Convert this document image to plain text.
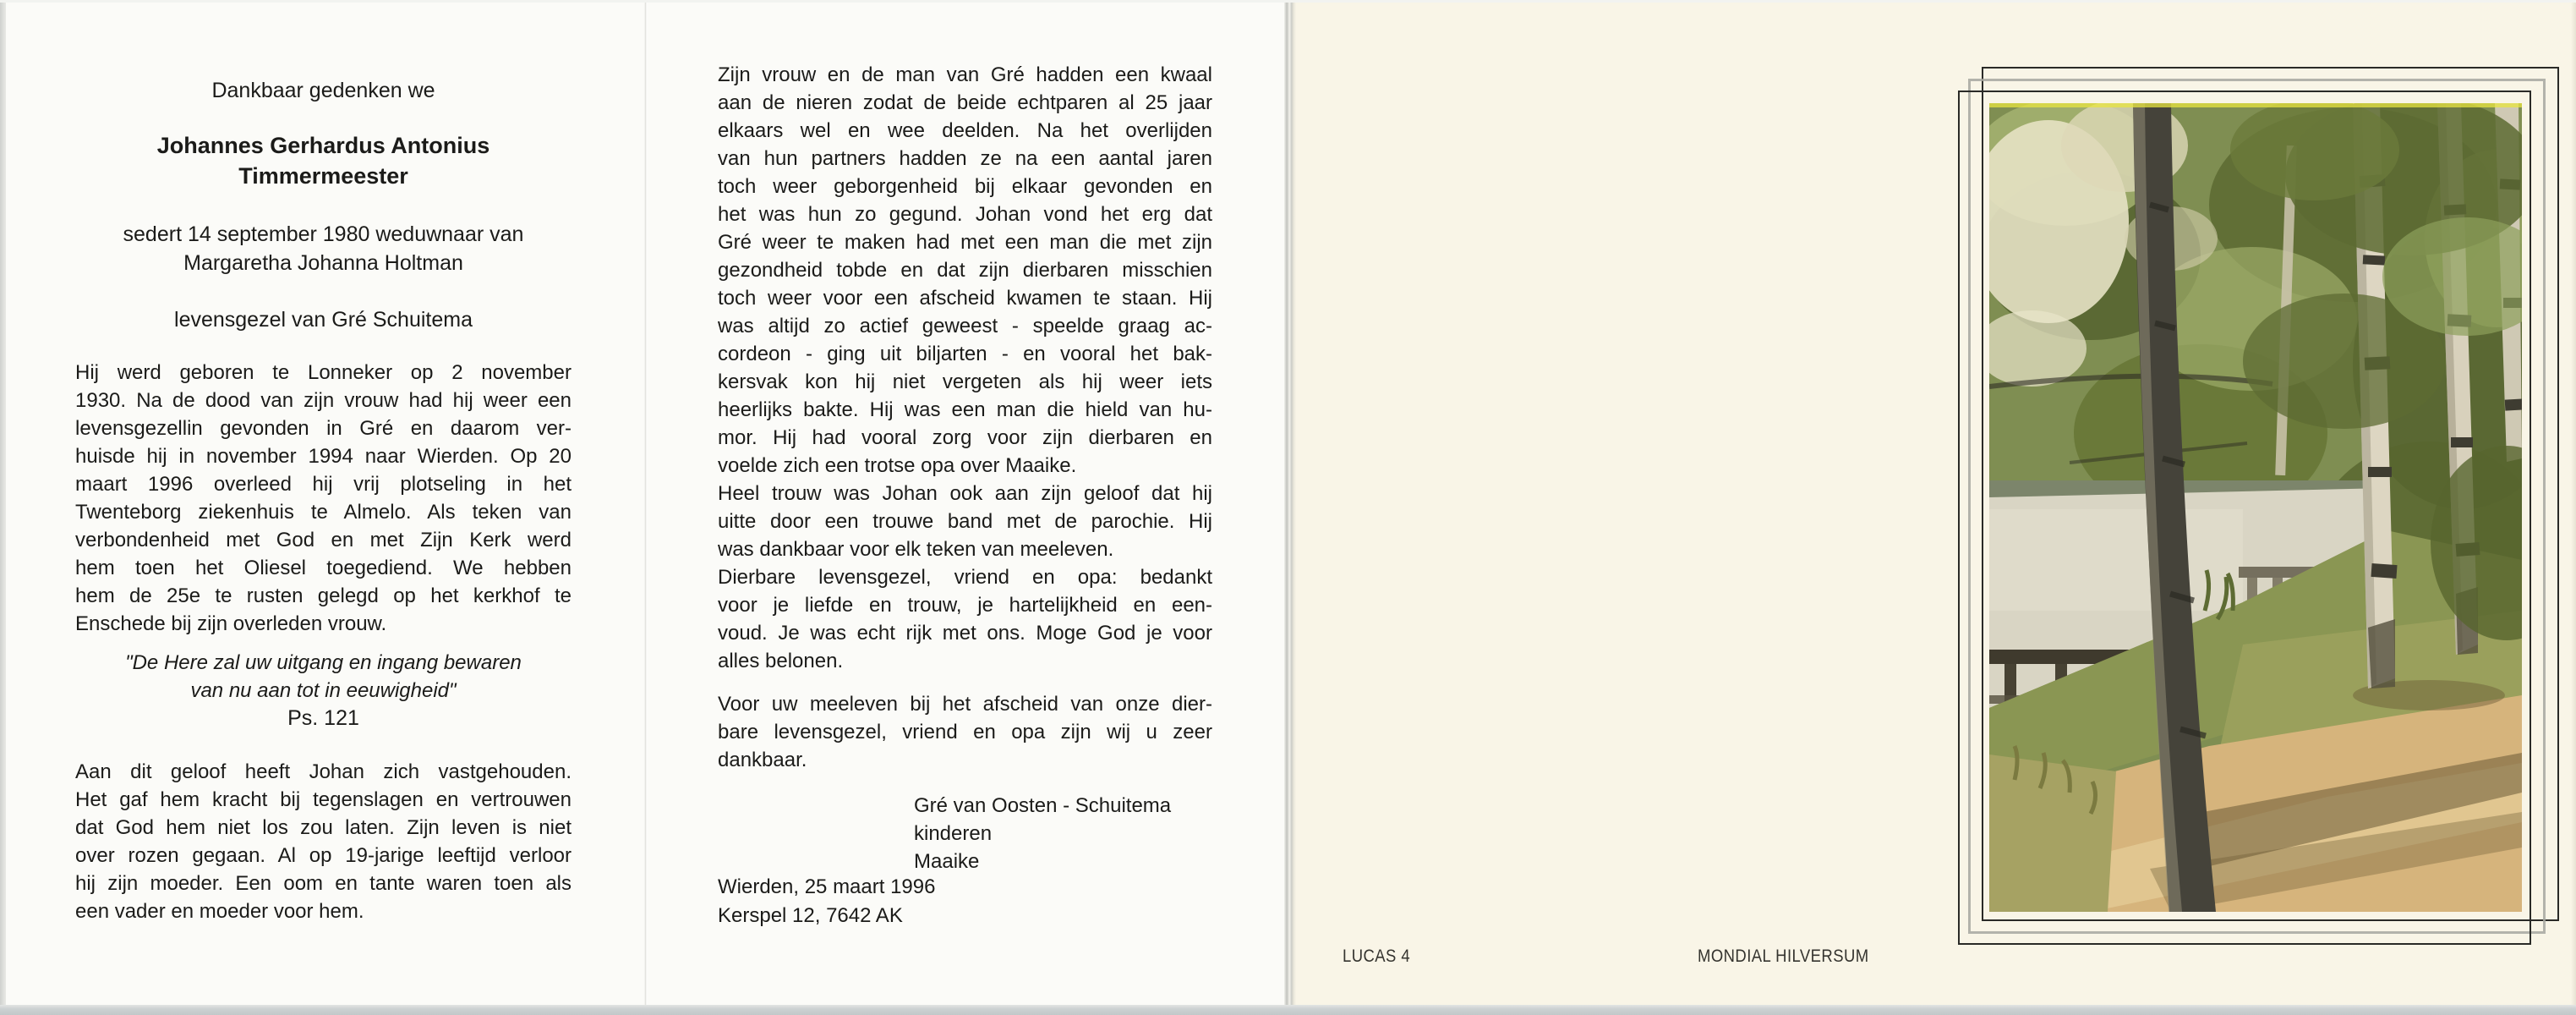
Dankbaar gedenken we
Johannes Gerhardus Antonius
Timmermeester
sedert 14 september 1980 weduwnaar van
Margaretha Johanna Holtman
levensgezel van Gré Schuitema
Hij werd geboren te Lonneker op 2 november
1930. Na de dood van zijn vrouw had hij weer een
levensgezellin gevonden in Gré en daarom ver-
huisde hij in november 1994 naar Wierden. Op 20
maart 1996 overleed hij vrij plotseling in het
Twenteborg ziekenhuis te Almelo. Als teken van
verbondenheid met God en met Zijn Kerk werd
hem toen het Oliesel toegediend. We hebben
hem de 25e te rusten gelegd op het kerkhof te
Enschede bij zijn overleden vrouw.
"De Here zal uw uitgang en ingang bewaren
van nu aan tot in eeuwigheid"
Ps. 121
Aan dit geloof heeft Johan zich vastgehouden.
Het gaf hem kracht bij tegenslagen en vertrouwen
dat God hem niet los zou laten. Zijn leven is niet
over rozen gegaan. Al op 19-jarige leeftijd verloor
hij zijn moeder. Een oom en tante waren toen als
een vader en moeder voor hem.
Zijn vrouw en de man van Gré hadden een kwaal
aan de nieren zodat de beide echtparen al 25 jaar
elkaars wel en wee deelden. Na het overlijden
van hun partners hadden ze na een aantal jaren
toch weer geborgenheid bij elkaar gevonden en
het was hun zo gegund. Johan vond het erg dat
Gré weer te maken had met een man die met zijn
gezondheid tobde en dat zijn dierbaren misschien
toch weer voor een afscheid kwamen te staan. Hij
was altijd zo actief geweest - speelde graag ac-
cordeon - ging uit biljarten - en vooral het bak-
kersvak kon hij niet vergeten als hij weer iets
heerlijks bakte. Hij was een man die hield van hu-
mor. Hij had vooral zorg voor zijn dierbaren en
voelde zich een trotse opa over Maaike.
Heel trouw was Johan ook aan zijn geloof dat hij
uitte door een trouwe band met de parochie. Hij
was dankbaar voor elk teken van meeleven.
Dierbare levensgezel, vriend en opa: bedankt
voor je liefde en trouw, je hartelijkheid en een-
voud. Je was echt rijk met ons. Moge God je voor
alles belonen.
Voor uw meeleven bij het afscheid van onze dier-
bare levensgezel, vriend en opa zijn wij u zeer
dankbaar.
Gré van Oosten - Schuitema
kinderen
Maaike
Wierden, 25 maart 1996
Kerspel 12, 7642 AK
LUCAS 4	MONDIAL HILVERSUM
